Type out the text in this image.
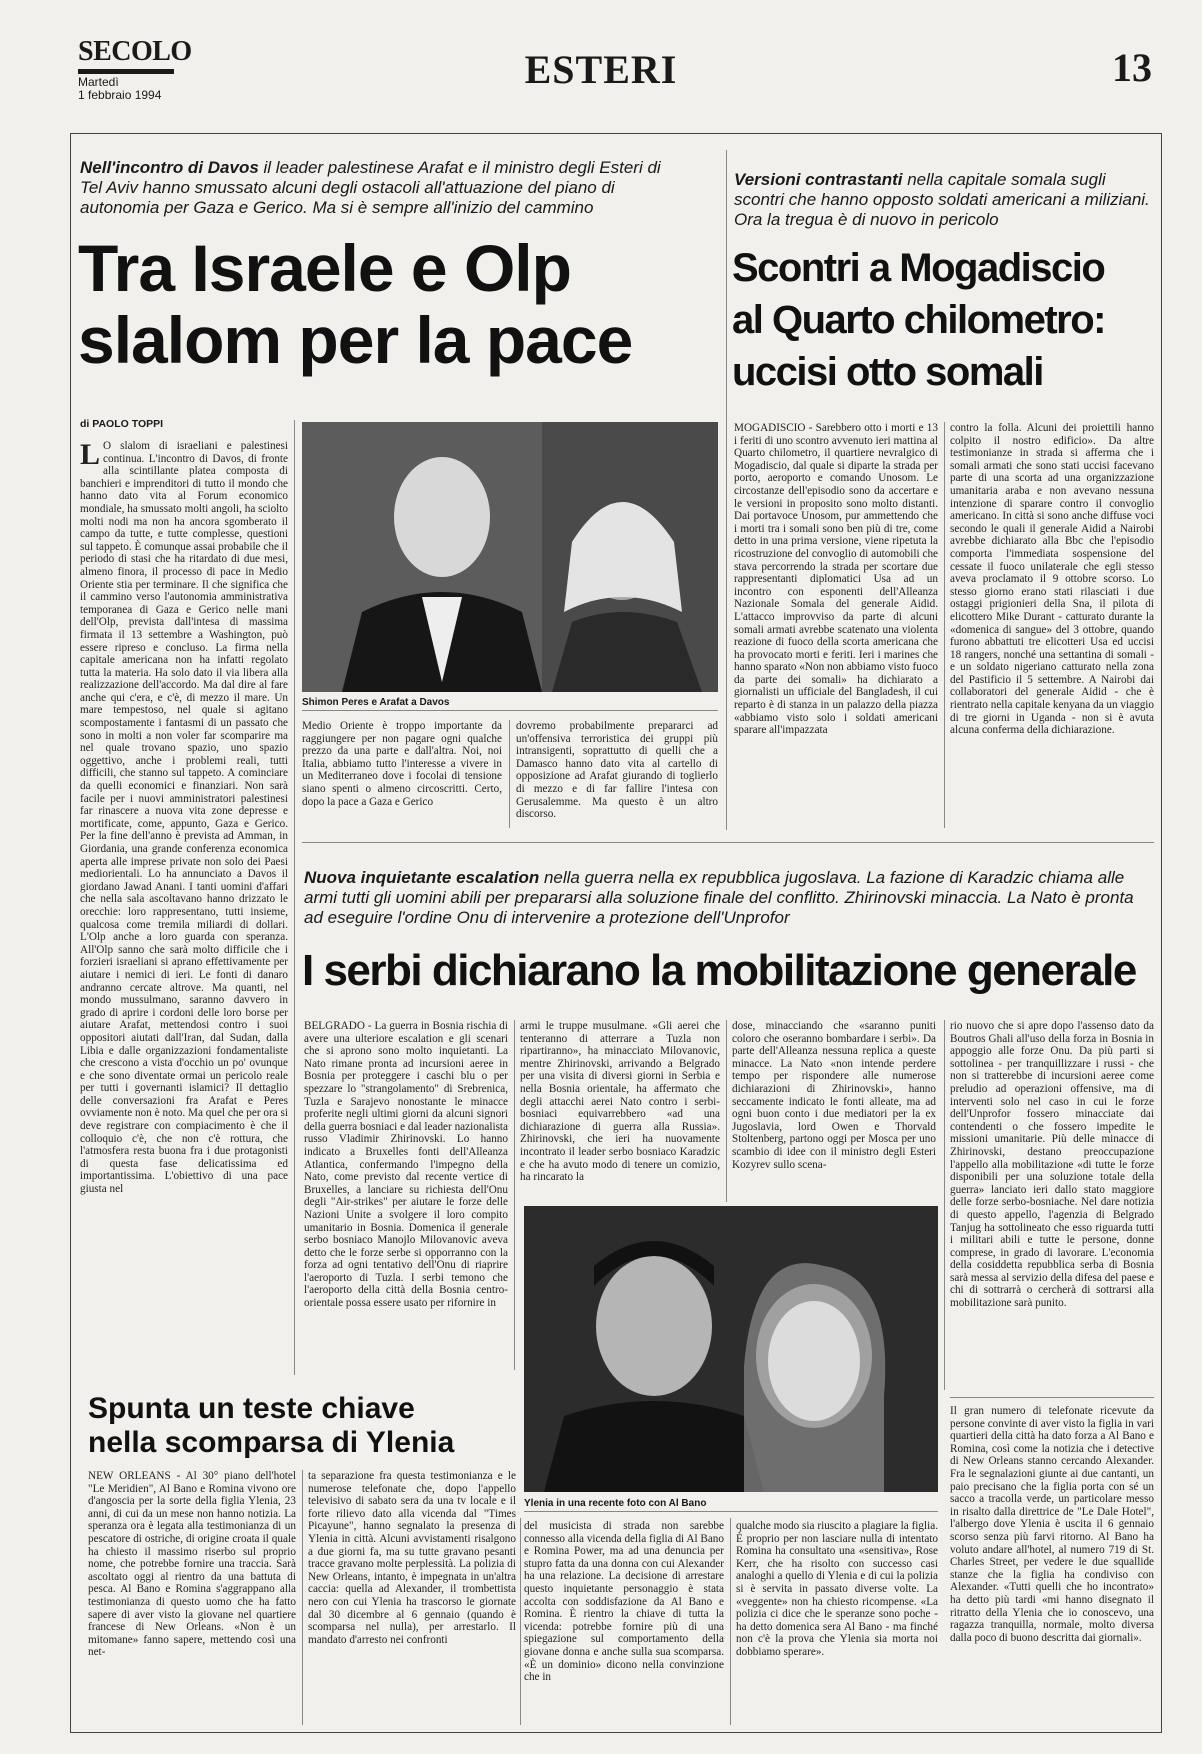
SECOLO
Martedì
1 febbraio 1994
ESTERI	13
Nell'incontro di Davos il leader palestinese Arafat e il ministro degli Esteri di Tel Aviv hanno smussato alcuni degli ostacoli all'attuazione del piano di autonomia per Gaza e Gerico. Ma si è sempre all'inizio del cammino
Tra Israele e Olp
slalom per la pace
di PAOLO TOPPI
L O slalom di israeliani e palestinesi continua. L'incontro di Davos, di fronte alla scintillante platea composta di banchieri e imprenditori di tutto il mondo che hanno dato vita al Forum economico mondiale, ha smussato molti angoli, ha sciolto molti nodi ma non ha ancora sgomberato il campo da tutte, e tutte complesse, questioni sul tappeto. È comunque assai probabile che il periodo di stasi che ha ritardato di due mesi, almeno finora, il processo di pace in Medio Oriente stia per terminare. Il che significa che il cammino verso l'autonomia amministrativa temporanea di Gaza e Gerico nelle mani dell'Olp, prevista dall'intesa di massima firmata il 13 settembre a Washington, può essere ripreso e concluso. La firma nella capitale americana non ha infatti regolato tutta la materia. Ha solo dato il via libera alla realizzazione dell'accordo. Ma dal dire al fare anche qui c'era, e c'è, di mezzo il mare. Un mare tempestoso, nel quale si agitano scompostamente i fantasmi di un passato che sono in molti a non voler far scomparire ma nel quale trovano spazio, uno spazio oggettivo, anche i problemi reali, tutti difficili, che stanno sul tappeto. A cominciare da quelli economici e finanziari. Non sarà facile per i nuovi amministratori palestinesi far rinascere a nuova vita zone depresse e mortificate, come, appunto, Gaza e Gerico. Per la fine dell'anno è prevista ad Amman, in Giordania, una grande conferenza economica aperta alle imprese private non solo dei Paesi mediorientali. Lo ha annunciato a Davos il giordano Jawad Anani. I tanti uomini d'affari che nella sala ascoltavano hanno drizzato le orecchie: loro rappresentano, tutti insieme, qualcosa come tremila miliardi di dollari. L'Olp anche a loro guarda con speranza. All'Olp sanno che sarà molto difficile che i forzieri israeliani si aprano effettivamente per aiutare i nemici di ieri. Le fonti di danaro andranno cercate altrove. Ma quanti, nel mondo mussulmano, saranno davvero in grado di aprire i cordoni delle loro borse per aiutare Arafat, mettendosi contro i suoi oppositori aiutati dall'Iran, dal Sudan, dalla Libia e dalle organizzazioni fondamentaliste che crescono a vista d'occhio un po' ovunque e che sono diventate ormai un pericolo reale per tutti i governanti islamici? Il dettaglio delle conversazioni fra Arafat e Peres ovviamente non è noto. Ma quel che per ora si deve registrare con compiacimento è che il colloquio c'è, che non c'è rottura, che l'atmosfera resta buona fra i due protagonisti di questa fase delicatissima ed importantissima. L'obiettivo di una pace giusta nel
Shimon Peres e Arafat a Davos
Medio Oriente è troppo importante da raggiungere per non pagare ogni qualche prezzo da una parte e dall'altra. Noi, noi Italia, abbiamo tutto l'interesse a vivere in un Mediterraneo dove i focolai di tensione siano spenti o almeno circoscritti. Certo, dopo la pace a Gaza e Gerico
dovremo probabilmente prepararci ad un'offensiva terroristica dei gruppi più intransigenti, soprattutto di quelli che a Damasco hanno dato vita al cartello di opposizione ad Arafat giurando di toglierlo di mezzo e di far fallire l'intesa con Gerusalemme. Ma questo è un altro discorso.
Versioni contrastanti nella capitale somala sugli scontri che hanno opposto soldati americani a miliziani. Ora la tregua è di nuovo in pericolo
Scontri a Mogadiscio
al Quarto chilometro:
uccisi otto somali
MOGADISCIO - Sarebbero otto i morti e 13 i feriti di uno scontro avvenuto ieri mattina al Quarto chilometro, il quartiere nevralgico di Mogadiscio, dal quale si diparte la strada per porto, aeroporto e comando Unosom. Le circostanze dell'episodio sono da accertare e le versioni in proposito sono molto distanti. Dai portavoce Unosom, pur ammettendo che i morti tra i somali sono ben più di tre, come detto in una prima versione, viene ripetuta la ricostruzione del convoglio di automobili che stava percorrendo la strada per scortare due rappresentanti diplomatici Usa ad un incontro con esponenti dell'Alleanza Nazionale Somala del generale Aidid. L'attacco improvviso da parte di alcuni somali armati avrebbe scatenato una violenta reazione di fuoco della scorta americana che ha provocato morti e feriti. Ieri i marines che hanno sparato «Non non abbiamo visto fuoco da parte dei somali» ha dichiarato a giornalisti un ufficiale del Bangladesh, il cui reparto è di stanza in un palazzo della piazza «abbiamo visto solo i soldati americani sparare all'impazzata
contro la folla. Alcuni dei proiettili hanno colpito il nostro edificio». Da altre testimonianze in strada si afferma che i somali armati che sono stati uccisi facevano parte di una scorta ad una organizzazione umanitaria araba e non avevano nessuna intenzione di sparare contro il convoglio americano. In città si sono anche diffuse voci secondo le quali il generale Aidid a Nairobi avrebbe dichiarato alla Bbc che l'episodio comporta l'immediata sospensione del cessate il fuoco unilaterale che egli stesso aveva proclamato il 9 ottobre scorso. Lo stesso giorno erano stati rilasciati i due ostaggi prigionieri della Sna, il pilota di elicottero Mike Durant - catturato durante la «domenica di sangue» del 3 ottobre, quando furono abbattuti tre elicotteri Usa ed uccisi 18 rangers, nonché una settantina di somali - e un soldato nigeriano catturato nella zona del Pastificio il 5 settembre. A Nairobi dai collaboratori del generale Aidid - che è rientrato nella capitale kenyana da un viaggio di tre giorni in Uganda - non si è avuta alcuna conferma della dichiarazione.
Nuova inquietante escalation nella guerra nella ex repubblica jugoslava. La fazione di Karadzic chiama alle armi tutti gli uomini abili per prepararsi alla soluzione finale del conflitto. Zhirinovski minaccia. La Nato è pronta ad eseguire l'ordine Onu di intervenire a protezione dell'Unprofor
I serbi dichiarano la mobilitazione generale
BELGRADO - La guerra in Bosnia rischia di avere una ulteriore escalation e gli scenari che si aprono sono molto inquietanti. La Nato rimane pronta ad incursioni aeree in Bosnia per proteggere i caschi blu o per spezzare lo "strangolamento" di Srebrenica, Tuzla e Sarajevo nonostante le minacce proferite negli ultimi giorni da alcuni signori della guerra bosniaci e dal leader nazionalista russo Vladimir Zhirinovski. Lo hanno indicato a Bruxelles fonti dell'Alleanza Atlantica, confermando l'impegno della Nato, come previsto dal recente vertice di Bruxelles, a lanciare su richiesta dell'Onu degli "Air-strikes" per aiutare le forze delle Nazioni Unite a svolgere il loro compito umanitario in Bosnia. Domenica il generale serbo bosniaco Manojlo Milovanovic aveva detto che le forze serbe si opporranno con la forza ad ogni tentativo dell'Onu di riaprire l'aeroporto di Tuzla. I serbi temono che l'aeroporto della città della Bosnia centro-orientale possa essere usato per rifornire in
armi le truppe musulmane. «Gli aerei che tenteranno di atterrare a Tuzla non ripartiranno», ha minacciato Milovanovic, mentre Zhirinovski, arrivando a Belgrado per una visita di diversi giorni in Serbia e nella Bosnia orientale, ha affermato che degli attacchi aerei Nato contro i serbi-bosniaci equivarrebbero «ad una dichiarazione di guerra alla Russia». Zhirinovski, che ieri ha nuovamente incontrato il leader serbo bosniaco Karadzic e che ha avuto modo di tenere un comizio, ha rincarato la
dose, minacciando che «saranno puniti coloro che oseranno bombardare i serbi». Da parte dell'Alleanza nessuna replica a queste minacce. La Nato «non intende perdere tempo per rispondere alle numerose dichiarazioni di Zhirinovski», hanno seccamente indicato le fonti alleate, ma ad ogni buon conto i due mediatori per la ex Jugoslavia, lord Owen e Thorvald Stoltenberg, partono oggi per Mosca per uno scambio di idee con il ministro degli Esteri Kozyrev sullo scena-
rio nuovo che si apre dopo l'assenso dato da Boutros Ghali all'uso della forza in Bosnia in appoggio alle forze Onu. Da più parti si sottolinea - per tranquillizzare i russi - che non si tratterebbe di incursioni aeree come preludio ad operazioni offensive, ma di interventi solo nel caso in cui le forze dell'Unprofor fossero minacciate dai contendenti o che fossero impedite le missioni umanitarie. Più delle minacce di Zhirinovski, destano preoccupazione l'appello alla mobilitazione «di tutte le forze disponibili per una soluzione totale della guerra» lanciato ieri dallo stato maggiore delle forze serbo-bosniache. Nel dare notizia di questo appello, l'agenzia di Belgrado Tanjug ha sottolineato che esso riguarda tutti i militari abili e tutte le persone, donne comprese, in grado di lavorare. L'economia della cosiddetta repubblica serba di Bosnia sarà messa al servizio della difesa del paese e chi di sottrarrà o cercherà di sottrarsi alla mobilitazione sarà punito.
Spunta un teste chiave
nella scomparsa di Ylenia
Ylenia in una recente foto con Al Bano
NEW ORLEANS - Al 30° piano dell'hotel "Le Meridien", Al Bano e Romina vivono ore d'angoscia per la sorte della figlia Ylenia, 23 anni, di cui da un mese non hanno notizia. La speranza ora è legata alla testimonianza di un pescatore di ostriche, di origine croata il quale ha chiesto il massimo riserbo sul proprio nome, che potrebbe fornire una traccia. Sarà ascoltato oggi al rientro da una battuta di pesca. Al Bano e Romina s'aggrappano alla testimonianza di questo uomo che ha fatto sapere di aver visto la giovane nel quartiere francese di New Orleans. «Non è un mitomane» fanno sapere, mettendo così una net-
ta separazione fra questa testimonianza e le numerose telefonate che, dopo l'appello televisivo di sabato sera da una tv locale e il forte rilievo dato alla vicenda dal "Times Picayune", hanno segnalato la presenza di Ylenia in città. Alcuni avvistamenti risalgono a due giorni fa, ma su tutte gravano pesanti tracce gravano molte perplessità. La polizia di New Orleans, intanto, è impegnata in un'altra caccia: quella ad Alexander, il trombettista nero con cui Ylenia ha trascorso le giornate dal 30 dicembre al 6 gennaio (quando è scomparsa nel nulla), per arrestarlo. Il mandato d'arresto nei confronti
del musicista di strada non sarebbe connesso alla vicenda della figlia di Al Bano e Romina Power, ma ad una denuncia per stupro fatta da una donna con cui Alexander ha una relazione. La decisione di arrestare questo inquietante personaggio è stata accolta con soddisfazione da Al Bano e Romina. È rientro la chiave di tutta la vicenda: potrebbe fornire più di una spiegazione sul comportamento della giovane donna e anche sulla sua scomparsa. «È un dominio» dicono nella convinzione che in
qualche modo sia riuscito a plagiare la figlia. È proprio per non lasciare nulla di intentato Romina ha consultato una «sensitiva», Rose Kerr, che ha risolto con successo casi analoghi a quello di Ylenia e di cui la polizia si è servita in passato diverse volte. La «veggente» non ha chiesto ricompense. «La polizia ci dice che le speranze sono poche - ha detto domenica sera Al Bano - ma finché non c'è la prova che Ylenia sia morta noi dobbiamo sperare».
Il gran numero di telefonate ricevute da persone convinte di aver visto la figlia in vari quartieri della città ha dato forza a Al Bano e Romina, così come la notizia che i detective di New Orleans stanno cercando Alexander. Fra le segnalazioni giunte ai due cantanti, un paio precisano che la figlia porta con sé un sacco a tracolla verde, un particolare messo in risalto dalla direttrice de "Le Dale Hotel", l'albergo dove Ylenia è uscita il 6 gennaio scorso senza più farvi ritorno. Al Bano ha voluto andare all'hotel, al numero 719 di St. Charles Street, per vedere le due squallide stanze che la figlia ha condiviso con Alexander. «Tutti quelli che ho incontrato» ha detto più tardi «mi hanno disegnato il ritratto della Ylenia che io conoscevo, una ragazza tranquilla, normale, molto diversa dalla poco di buono descritta dai giornali».
